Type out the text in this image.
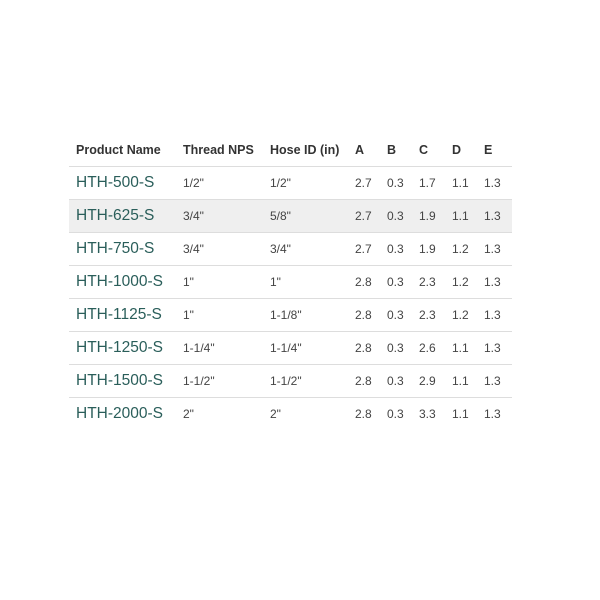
Product Name	Thread NPS	Hose ID (in)	A	B	C	D	E
HTH-500-S	1/2"	1/2"	2.7	0.3	1.7	1.1	1.3
HTH-625-S	3/4"	5/8"	2.7	0.3	1.9	1.1	1.3
HTH-750-S	3/4"	3/4"	2.7	0.3	1.9	1.2	1.3
HTH-1000-S	1"	1"	2.8	0.3	2.3	1.2	1.3
HTH-1125-S	1"	1-1/8"	2.8	0.3	2.3	1.2	1.3
HTH-1250-S	1-1/4"	1-1/4"	2.8	0.3	2.6	1.1	1.3
HTH-1500-S	1-1/2"	1-1/2"	2.8	0.3	2.9	1.1	1.3
HTH-2000-S	2"	2"	2.8	0.3	3.3	1.1	1.3
